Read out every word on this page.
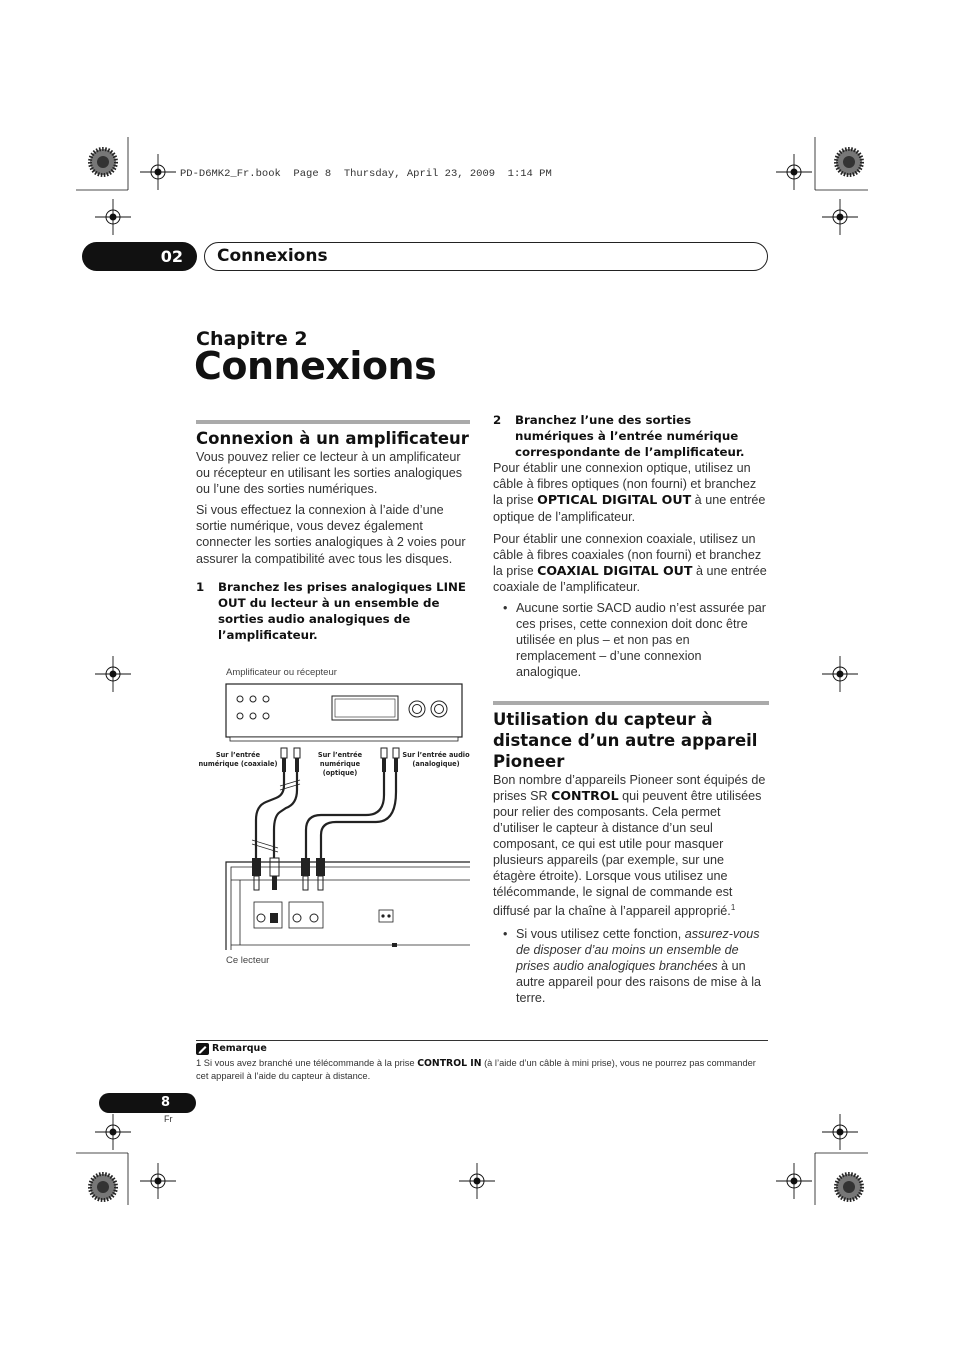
PD-D6MK2_Fr.book  Page 8  Thursday, April 23, 2009  1:14 PM
02	Connexions
Chapitre 2
Connexions
Connexion à un amplificateur

Vous pouvez relier ce lecteur à un amplificateur ou récepteur en utilisant les sorties analogiques ou l’une des sorties numériques.

Si vous effectuez la connexion à l’aide d’une sortie numérique, vous devez également connecter les sorties analogiques à 2 voies pour assurer la compatibilité avec tous les disques.

1	Branchez les prises analogiques LINE OUT du lecteur à un ensemble de sorties audio analogiques de l’amplificateur.
Amplificateur ou récepteur
Sur l’entrée numérique (coaxiale)
Sur l’entrée numérique (optique)
Sur l’entrée audio (analogique)
Ce lecteur
2	Branchez l’une des sorties numériques à l’entrée numérique correspondante de l’amplificateur.

Pour établir une connexion optique, utilisez un câble à fibres optiques (non fourni) et branchez la prise OPTICAL DIGITAL OUT à une entrée optique de l’amplificateur.

Pour établir une connexion coaxiale, utilisez un câble à fibres coaxiales (non fourni) et branchez la prise COAXIAL DIGITAL OUT à une entrée coaxiale de l’amplificateur.

• Aucune sortie SACD audio n’est assurée par ces prises, cette connexion doit donc être utilisée en plus – et non pas en remplacement – d’une connexion analogique.
Utilisation du capteur à distance d’un autre appareil Pioneer

Bon nombre d’appareils Pioneer sont équipés de prises SR CONTROL qui peuvent être utilisées pour relier des composants. Cela permet d’utiliser le capteur à distance d’un seul composant, ce qui est utile pour masquer plusieurs appareils (par exemple, sur une étagère étroite). Lorsque vous utilisez une télécommande, le signal de commande est diffusé par la chaîne à l’appareil approprié.$^1$

• Si vous utilisez cette fonction, assurez-vous de disposer d’au moins un ensemble de prises audio analogiques branchées à un autre appareil pour des raisons de mise à la terre.
Remarque
1 Si vous avez branché une télécommande à la prise CONTROL IN (à l’aide d’un câble à mini prise), vous ne pourrez pas commander cet appareil à l’aide du capteur à distance.
8
Fr
